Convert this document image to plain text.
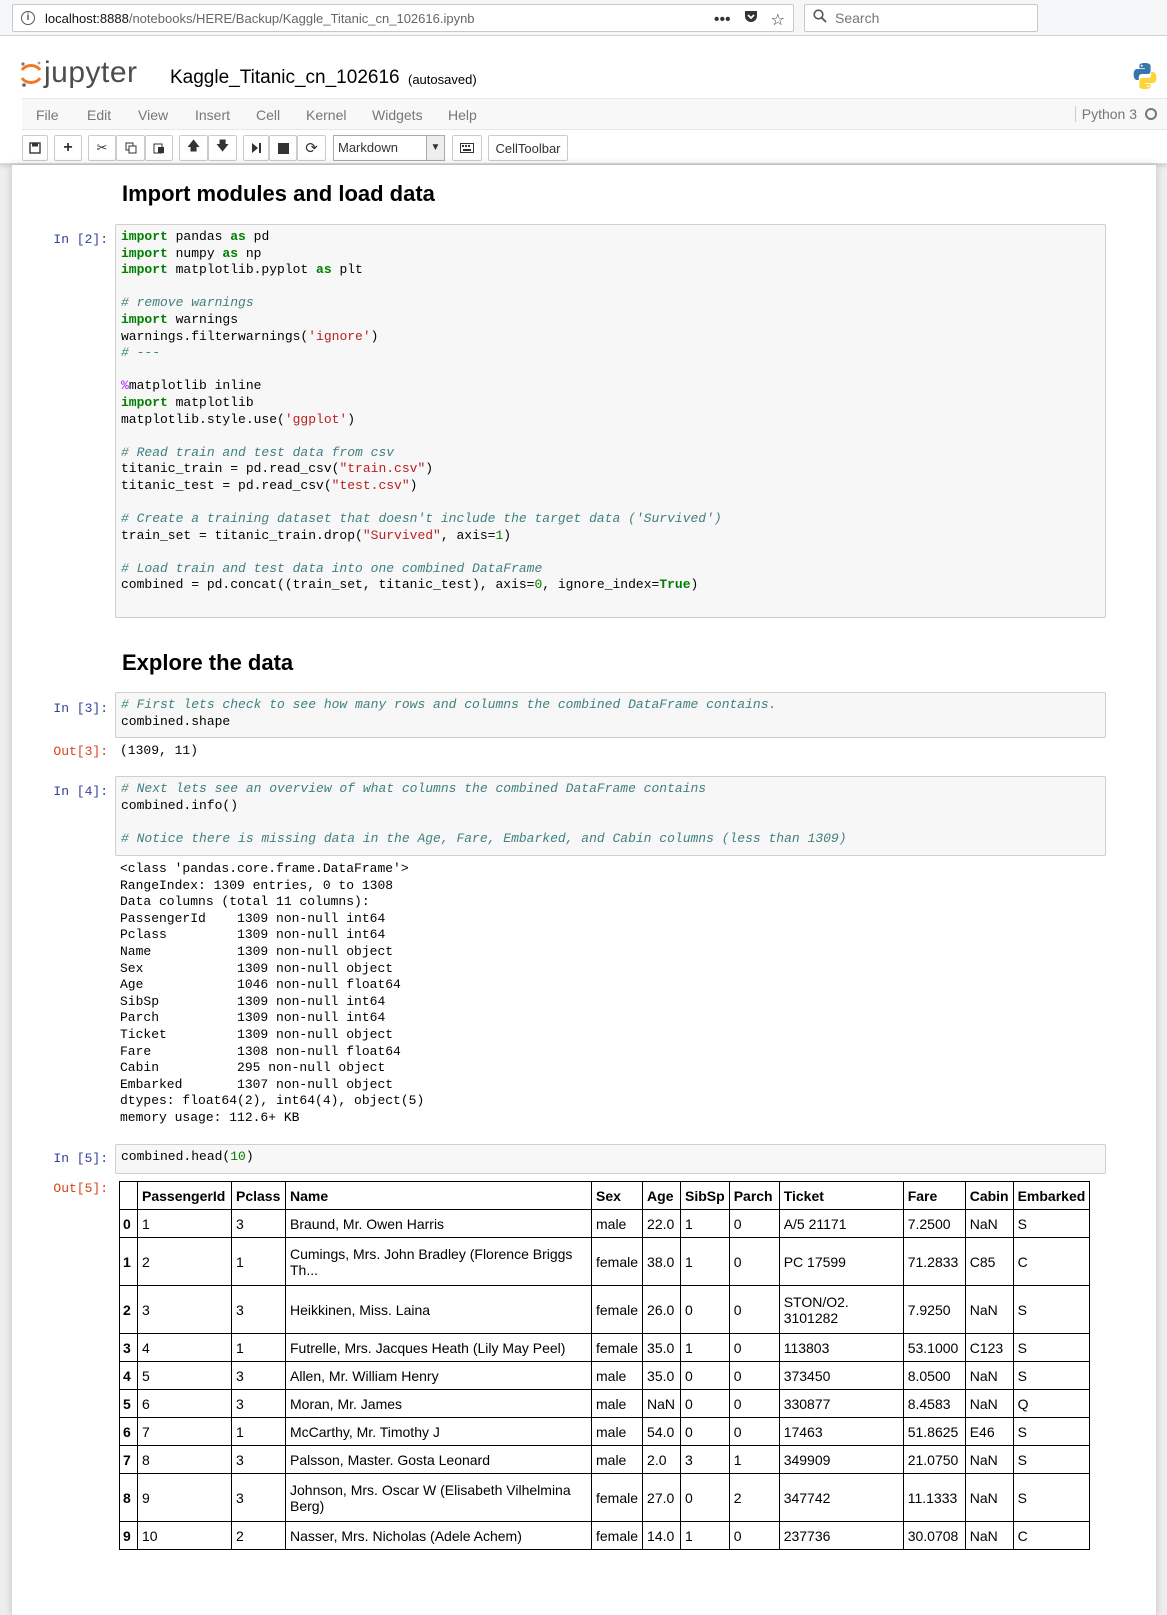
i	localhost:8888 /notebooks/HERE/Backup/Kaggle_Titanic_cn_102616.ipynb	•••	☆	Search
jupyter Kaggle_Titanic_cn_102616 (autosaved)
File Edit View Insert Cell Kernel Widgets Help	Python 3
+ ✂	🡅 🡇	⟳	Markdown	▼	CellToolbar
Import modules and load data
In [2]:	import pandas as pd
import numpy as np
import matplotlib.pyplot as plt

# remove warnings
import warnings
warnings.filterwarnings('ignore')
# ---

%matplotlib inline
import matplotlib
matplotlib.style.use('ggplot')

# Read train and test data from csv
titanic_train = pd.read_csv("train.csv")
titanic_test = pd.read_csv("test.csv")

# Create a training dataset that doesn't include the target data ('Survived')
train_set = titanic_train.drop("Survived", axis=1)

# Load train and test data into one combined DataFrame
combined = pd.concat((train_set, titanic_test), axis=0, ignore_index=True)
Explore the data
In [3]:	# First lets check to see how many rows and columns the combined DataFrame contains.
combined.shape
Out[3]: (1309, 11)
In [4]:	# Next lets see an overview of what columns the combined DataFrame contains
combined.info()

# Notice there is missing data in the Age, Fare, Embarked, and Cabin columns (less than 1309)
<class 'pandas.core.frame.DataFrame'>
RangeIndex: 1309 entries, 0 to 1308
Data columns (total 11 columns):
PassengerId    1309 non-null int64
Pclass         1309 non-null int64
Name           1309 non-null object
Sex            1309 non-null object
Age            1046 non-null float64
SibSp          1309 non-null int64
Parch          1309 non-null int64
Ticket         1309 non-null object
Fare           1308 non-null float64
Cabin          295 non-null object
Embarked       1307 non-null object
dtypes: float64(2), int64(4), object(5)
memory usage: 112.6+ KB
In [5]:	combined.head(10)
Out[5]:
	PassengerId	Pclass	Name	Sex	Age	SibSp	Parch	Ticket	Fare	Cabin	Embarked
0	1	3	Braund, Mr. Owen Harris	male	22.0	1	0	A/5 21171	7.2500	NaN	S
1	2	1	Cumings, Mrs. John Bradley (Florence Briggs Th...	female	38.0	1	0	PC 17599	71.2833	C85	C
2	3	3	Heikkinen, Miss. Laina	female	26.0	0	0	STON/O2. 3101282	7.9250	NaN	S
3	4	1	Futrelle, Mrs. Jacques Heath (Lily May Peel)	female	35.0	1	0	113803	53.1000	C123	S
4	5	3	Allen, Mr. William Henry	male	35.0	0	0	373450	8.0500	NaN	S
5	6	3	Moran, Mr. James	male	NaN	0	0	330877	8.4583	NaN	Q
6	7	1	McCarthy, Mr. Timothy J	male	54.0	0	0	17463	51.8625	E46	S
7	8	3	Palsson, Master. Gosta Leonard	male	2.0	3	1	349909	21.0750	NaN	S
8	9	3	Johnson, Mrs. Oscar W (Elisabeth Vilhelmina Berg)	female	27.0	0	2	347742	11.1333	NaN	S
9	10	2	Nasser, Mrs. Nicholas (Adele Achem)	female	14.0	1	0	237736	30.0708	NaN	C
